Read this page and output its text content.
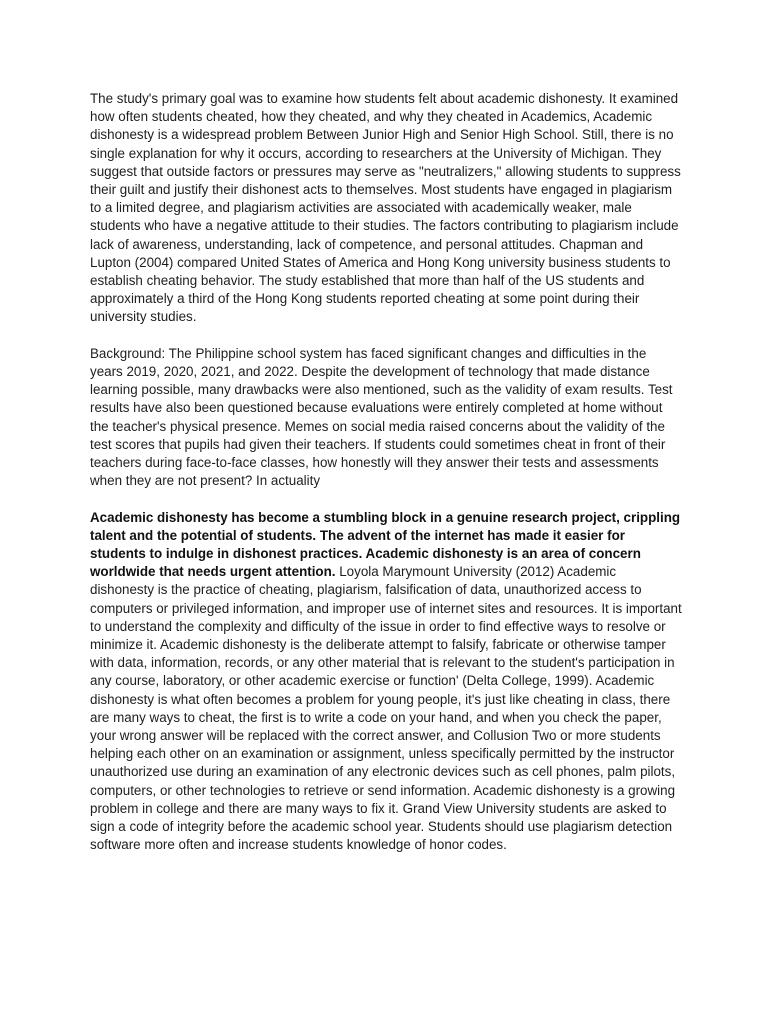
The study's primary goal was to examine how students felt about academic dishonesty. It examined how often students cheated, how they cheated, and why they cheated in Academics, Academic dishonesty is a widespread problem Between Junior High and Senior High School. Still, there is no single explanation for why it occurs, according to researchers at the University of Michigan. They suggest that outside factors or pressures may serve as "neutralizers," allowing students to suppress their guilt and justify their dishonest acts to themselves. Most students have engaged in plagiarism to a limited degree, and plagiarism activities are associated with academically weaker, male students who have a negative attitude to their studies. The factors contributing to plagiarism include lack of awareness, understanding, lack of competence, and personal attitudes. Chapman and Lupton (2004) compared United States of America and Hong Kong university business students to establish cheating behavior. The study established that more than half of the US students and approximately a third of the Hong Kong students reported cheating at some point during their university studies.

Background: The Philippine school system has faced significant changes and difficulties in the years 2019, 2020, 2021, and 2022. Despite the development of technology that made distance learning possible, many drawbacks were also mentioned, such as the validity of exam results. Test results have also been questioned because evaluations were entirely completed at home without the teacher's physical presence. Memes on social media raised concerns about the validity of the test scores that pupils had given their teachers. If students could sometimes cheat in front of their teachers during face-to-face classes, how honestly will they answer their tests and assessments when they are not present? In actuality

Academic dishonesty has become a stumbling block in a genuine research project, crippling talent and the potential of students. The advent of the internet has made it easier for students to indulge in dishonest practices. Academic dishonesty is an area of concern worldwide that needs urgent attention. Loyola Marymount University (2012) Academic dishonesty is the practice of cheating, plagiarism, falsification of data, unauthorized access to computers or privileged information, and improper use of internet sites and resources. It is important to understand the complexity and difficulty of the issue in order to find effective ways to resolve or minimize it. Academic dishonesty is the deliberate attempt to falsify, fabricate or otherwise tamper with data, information, records, or any other material that is relevant to the student's participation in any course, laboratory, or other academic exercise or function' (Delta College, 1999). Academic dishonesty is what often becomes a problem for young people, it's just like cheating in class, there are many ways to cheat, the first is to write a code on your hand, and when you check the paper, your wrong answer will be replaced with the correct answer, and Collusion Two or more students helping each other on an examination or assignment, unless specifically permitted by the instructor unauthorized use during an examination of any electronic devices such as cell phones, palm pilots, computers, or other technologies to retrieve or send information. Academic dishonesty is a growing problem in college and there are many ways to fix it. Grand View University students are asked to sign a code of integrity before the academic school year. Students should use plagiarism detection software more often and increase students knowledge of honor codes.
